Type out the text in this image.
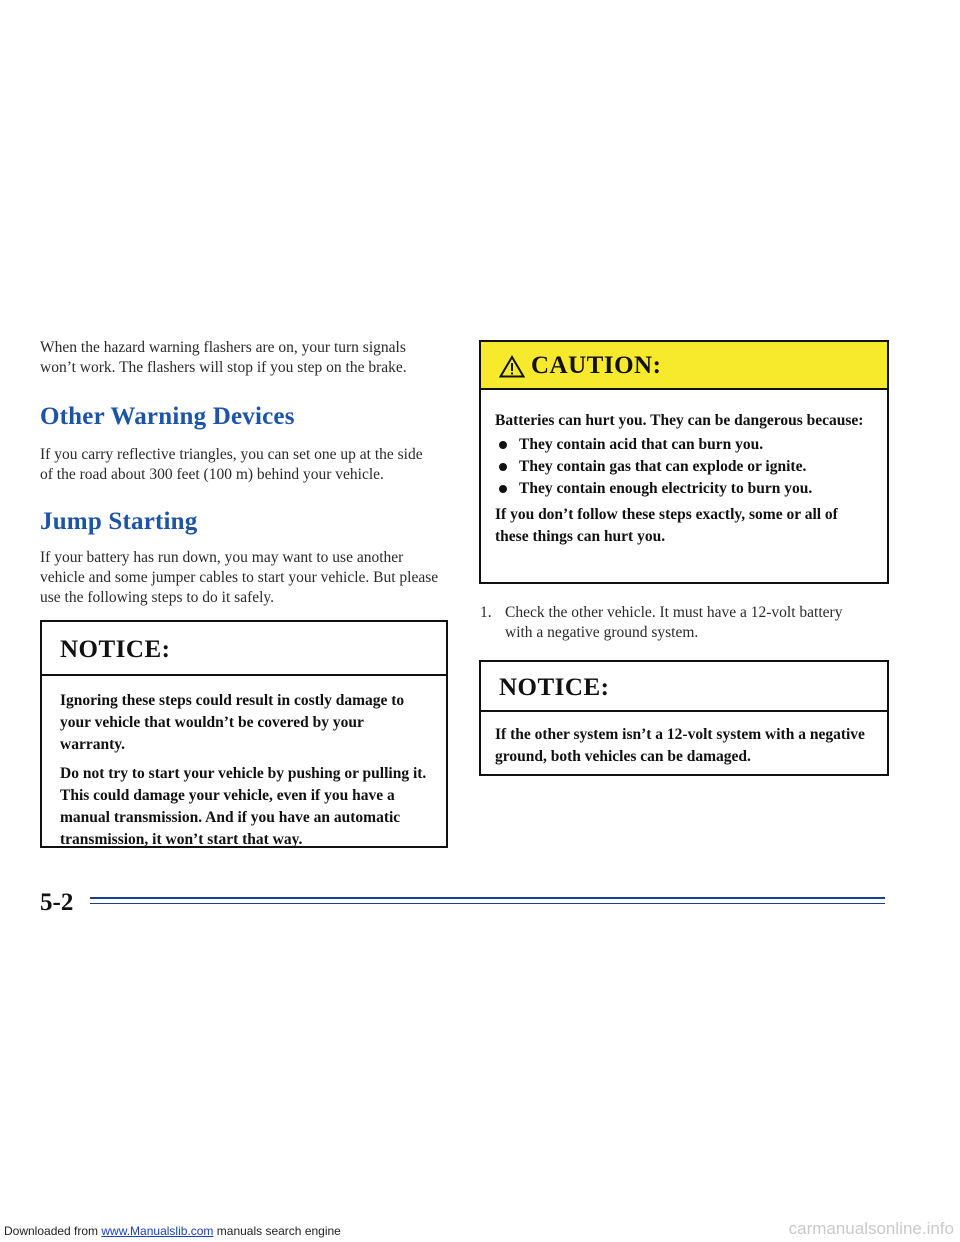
When the hazard warning flashers are on, your turn signals won’t work. The flashers will stop if you step on the brake.
Other Warning Devices
If you carry reflective triangles, you can set one up at the side of the road about 300 feet (100 m) behind your vehicle.
Jump Starting
If your battery has run down, you may want to use another vehicle and some jumper cables to start your vehicle. But please use the following steps to do it safely.
NOTICE:

Ignoring these steps could result in costly damage to your vehicle that wouldn’t be covered by your warranty.

Do not try to start your vehicle by pushing or pulling it. This could damage your vehicle, even if you have a manual transmission. And if you have an automatic transmission, it won’t start that way.

CAUTION:

Batteries can hurt you. They can be dangerous because:

They contain acid that can burn you.
They contain gas that can explode or ignite.
They contain enough electricity to burn you.

If you don’t follow these steps exactly, some or all of these things can hurt you.

1. Check the other vehicle. It must have a 12-volt battery with a negative ground system.
NOTICE:

If the other system isn’t a 12-volt system with a negative ground, both vehicles can be damaged.

5-2
Downloaded from www.Manualslib.com manuals search engine	carmanualsonline.info
